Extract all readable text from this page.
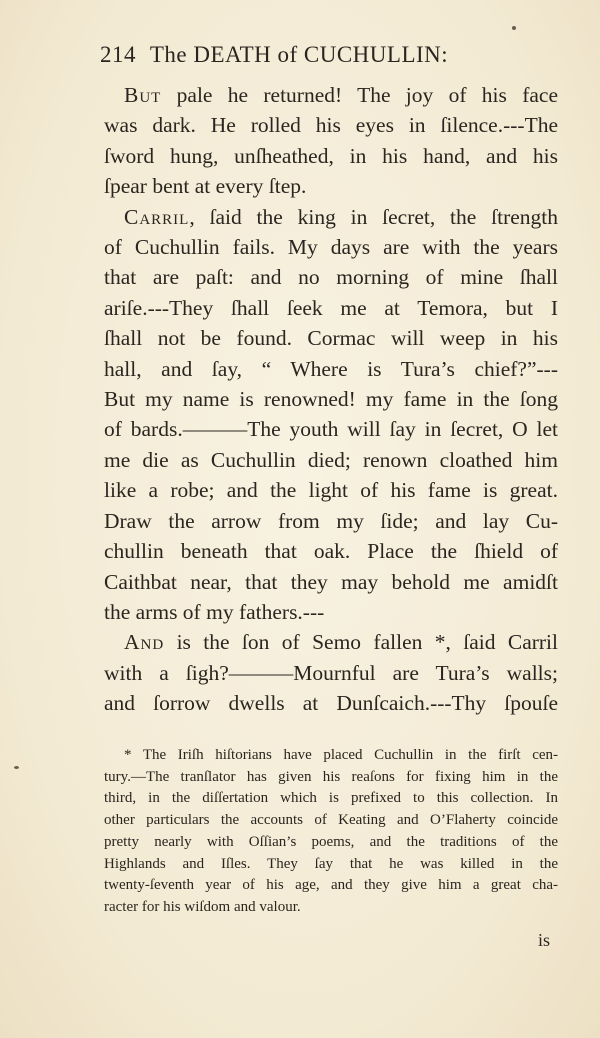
214 The DEATH of CUCHULLIN:
But pale he returned! The joy of his face
was dark. He rolled his eyes in ſilence.---The
ſword hung, unſheathed, in his hand, and his
ſpear bent at every ſtep.
Carril, ſaid the king in ſecret, the ſtrength
of Cuchullin fails. My days are with the years
that are paſt: and no morning of mine ſhall
ariſe.---They ſhall ſeek me at Temora, but I
ſhall not be found. Cormac will weep in his
hall, and ſay, “ Where is Tura’s chief?”---
But my name is renowned! my fame in the ſong
of bards.———The youth will ſay in ſecret, O let
me die as Cuchullin died; renown cloathed him
like a robe; and the light of his fame is great.
Draw the arrow from my ſide; and lay Cu-
chullin beneath that oak. Place the ſhield of
Caithbat near, that they may behold me amidſt
the arms of my fathers.---
And is the ſon of Semo fallen *, ſaid Carril
with a ſigh?———Mournful are Tura’s walls;
and ſorrow dwells at Dunſcaich.---Thy ſpouſe
* The Iriſh hiſtorians have placed Cuchullin in the firſt cen-
tury.—The tranſlator has given his reaſons for fixing him in the
third, in the diſſertation which is prefixed to this collection. In
other particulars the accounts of Keating and O’Flaherty coincide
pretty nearly with Oſſian’s poems, and the traditions of the
Highlands and Iſles. They ſay that he was killed in the
twenty-ſeventh year of his age, and they give him a great cha-
racter for his wiſdom and valour.
is
